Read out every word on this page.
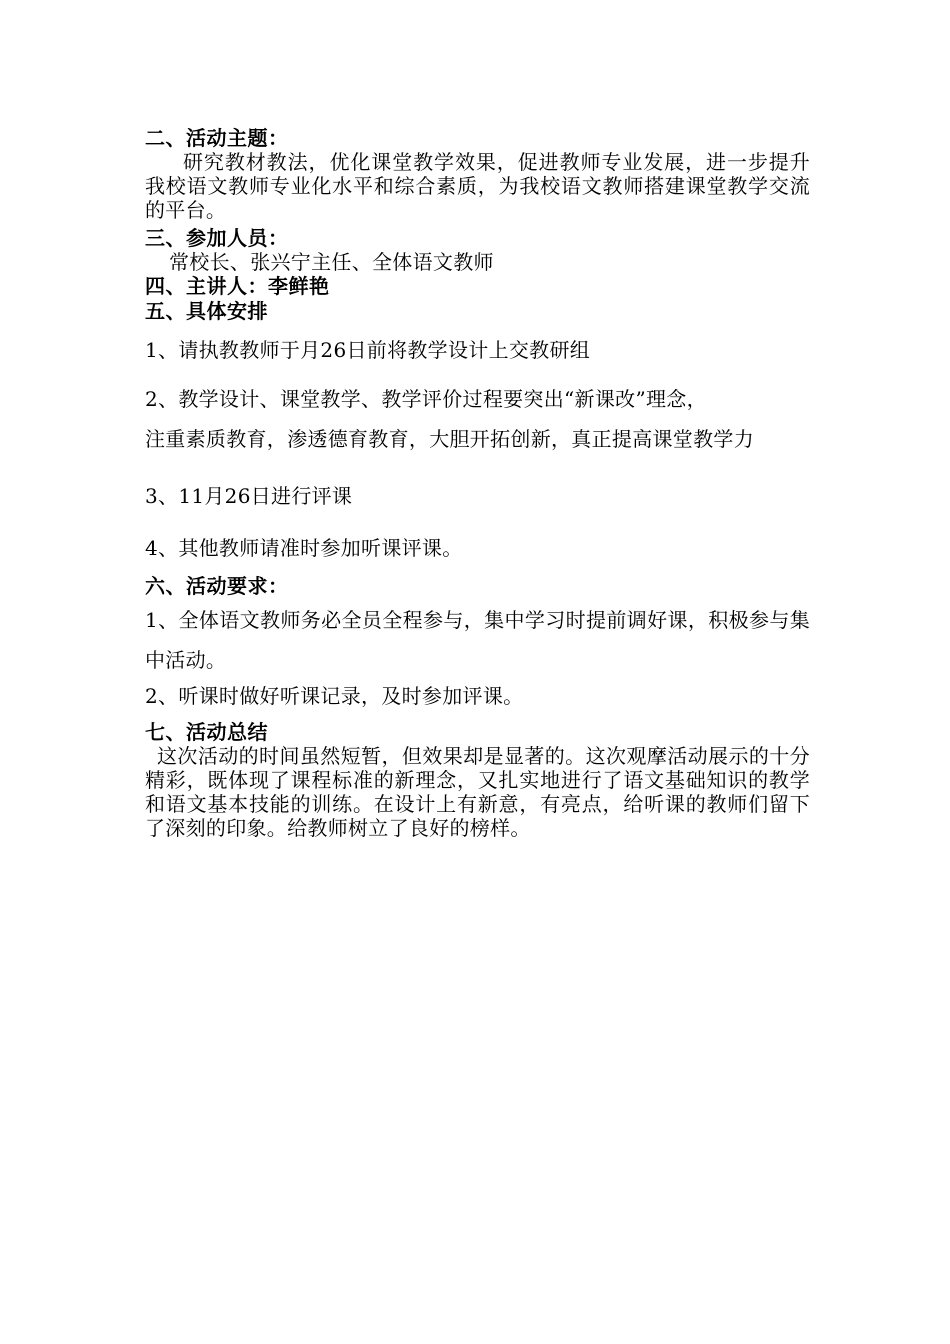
二、活动主题：
研究教材教法，优化课堂教学效果，促进教师专业发展，进一步提升我校语文教师专业化水平和综合素质，为我校语文教师搭建课堂教学交流的平台。
三、参加人员：
常校长、张兴宁主任、全体语文教师
四、主讲人：李鲜艳
五、具体安排
1、请执教教师于月26日前将教学设计上交教研组
2、教学设计、课堂教学、教学评价过程要突出“新课改”理念，
注重素质教育，渗透德育教育，大胆开拓创新，真正提高课堂教学力
3、11月26日进行评课
4、其他教师请准时参加听课评课。
六、活动要求：
1、全体语文教师务必全员全程参与，集中学习时提前调好课，积极参与集中活动。
2、听课时做好听课记录，及时参加评课。
七、活动总结
这次活动的时间虽然短暂，但效果却是显著的。这次观摩活动展示的十分精彩，既体现了课程标准的新理念，又扎实地进行了语文基础知识的教学和语文基本技能的训练。在设计上有新意，有亮点，给听课的教师们留下了深刻的印象。给教师树立了良好的榜样。
